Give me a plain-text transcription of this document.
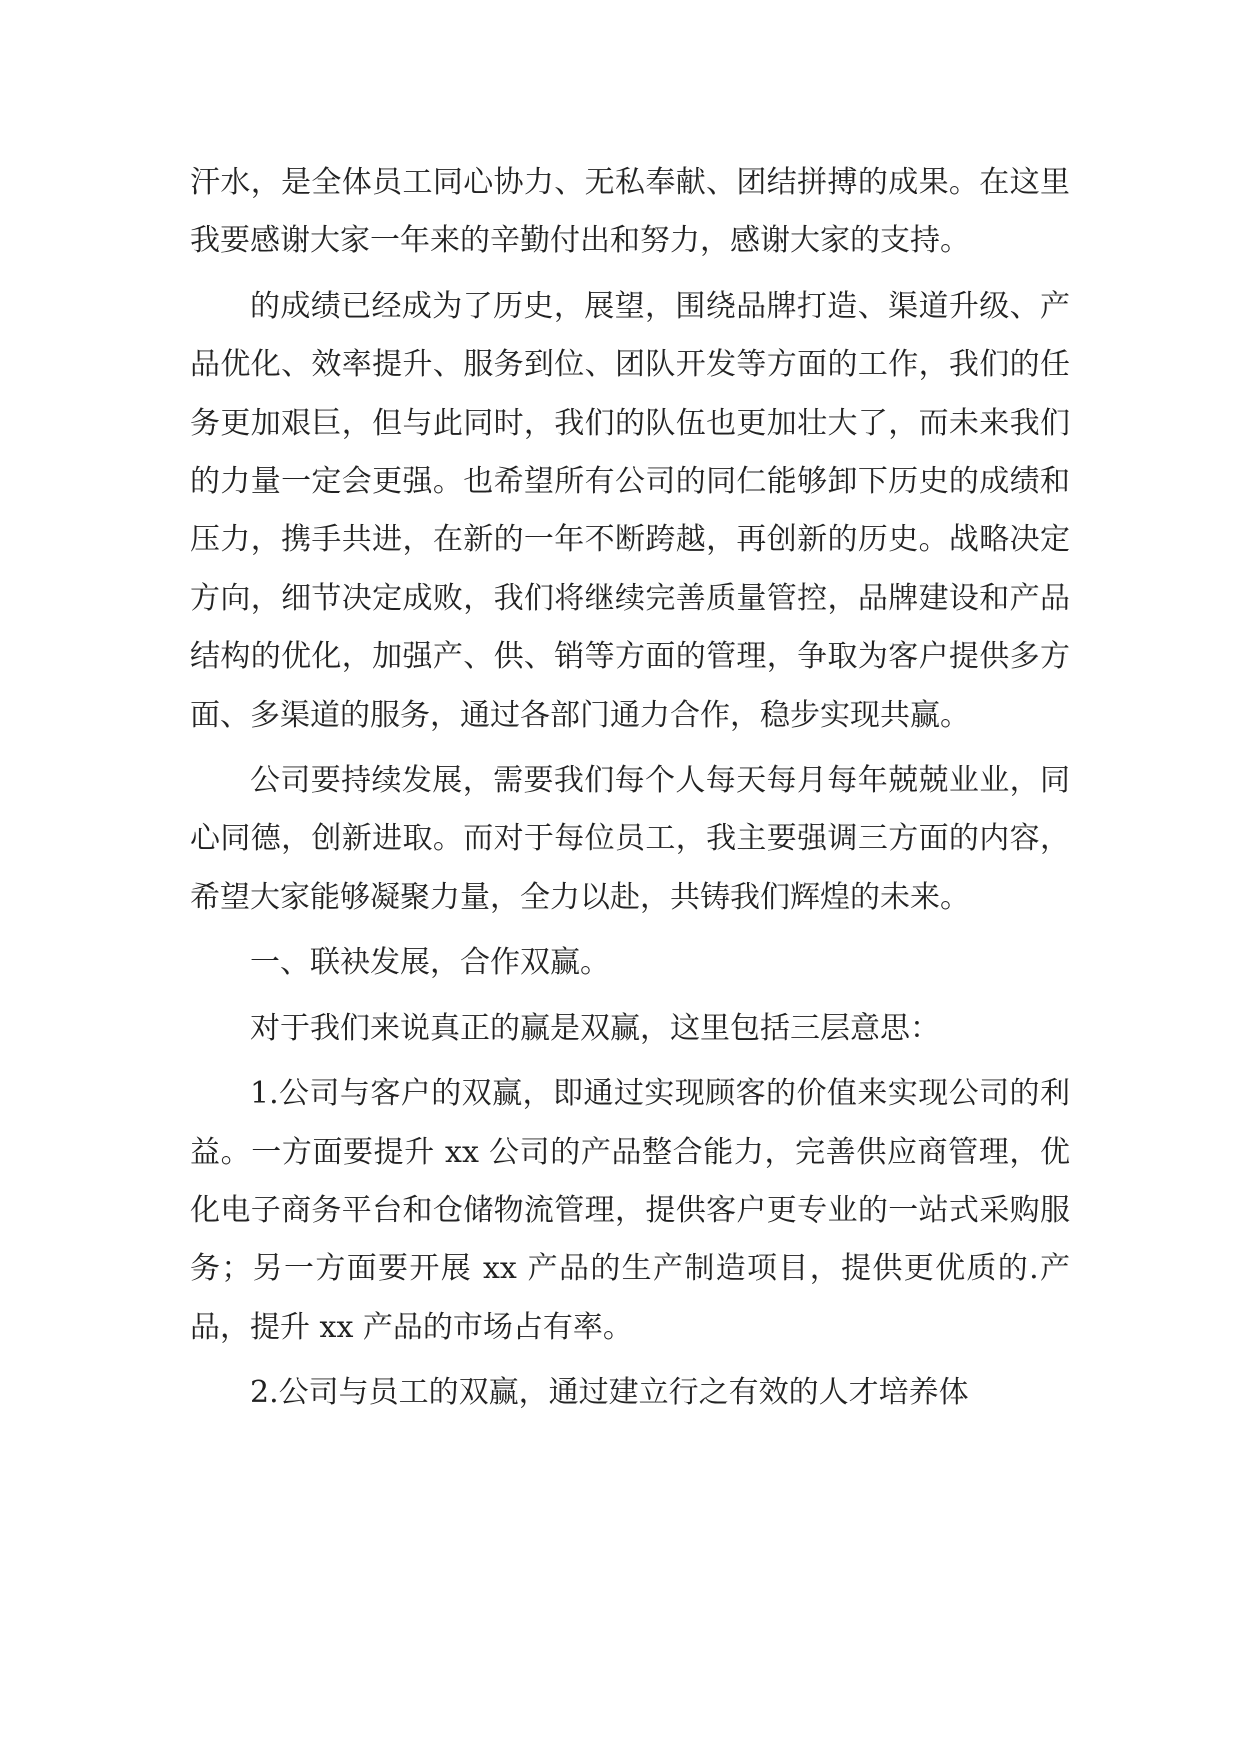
汗水，是全体员工同心协力、无私奉献、团结拼搏的成果。在这里我要感谢大家一年来的辛勤付出和努力，感谢大家的支持。

的成绩已经成为了历史，展望，围绕品牌打造、渠道升级、产品优化、效率提升、服务到位、团队开发等方面的工作，我们的任务更加艰巨，但与此同时，我们的队伍也更加壮大了，而未来我们的力量一定会更强。也希望所有公司的同仁能够卸下历史的成绩和压力，携手共进，在新的一年不断跨越，再创新的历史。战略决定方向，细节决定成败，我们将继续完善质量管控，品牌建设和产品结构的优化，加强产、供、销等方面的管理，争取为客户提供多方面、多渠道的服务，通过各部门通力合作，稳步实现共赢。

公司要持续发展，需要我们每个人每天每月每年兢兢业业，同心同德，创新进取。而对于每位员工，我主要强调三方面的内容，希望大家能够凝聚力量，全力以赴，共铸我们辉煌的未来。

一、联袂发展，合作双赢。

对于我们来说真正的赢是双赢，这里包括三层意思：

1.公司与客户的双赢，即通过实现顾客的价值来实现公司的利益。一方面要提升 xx 公司的产品整合能力，完善供应商管理，优化电子商务平台和仓储物流管理，提供客户更专业的一站式采购服务；另一方面要开展 xx 产品的生产制造项目，提供更优质的.产品，提升 xx 产品的市场占有率。

2.公司与员工的双赢，通过建立行之有效的人才培养体
